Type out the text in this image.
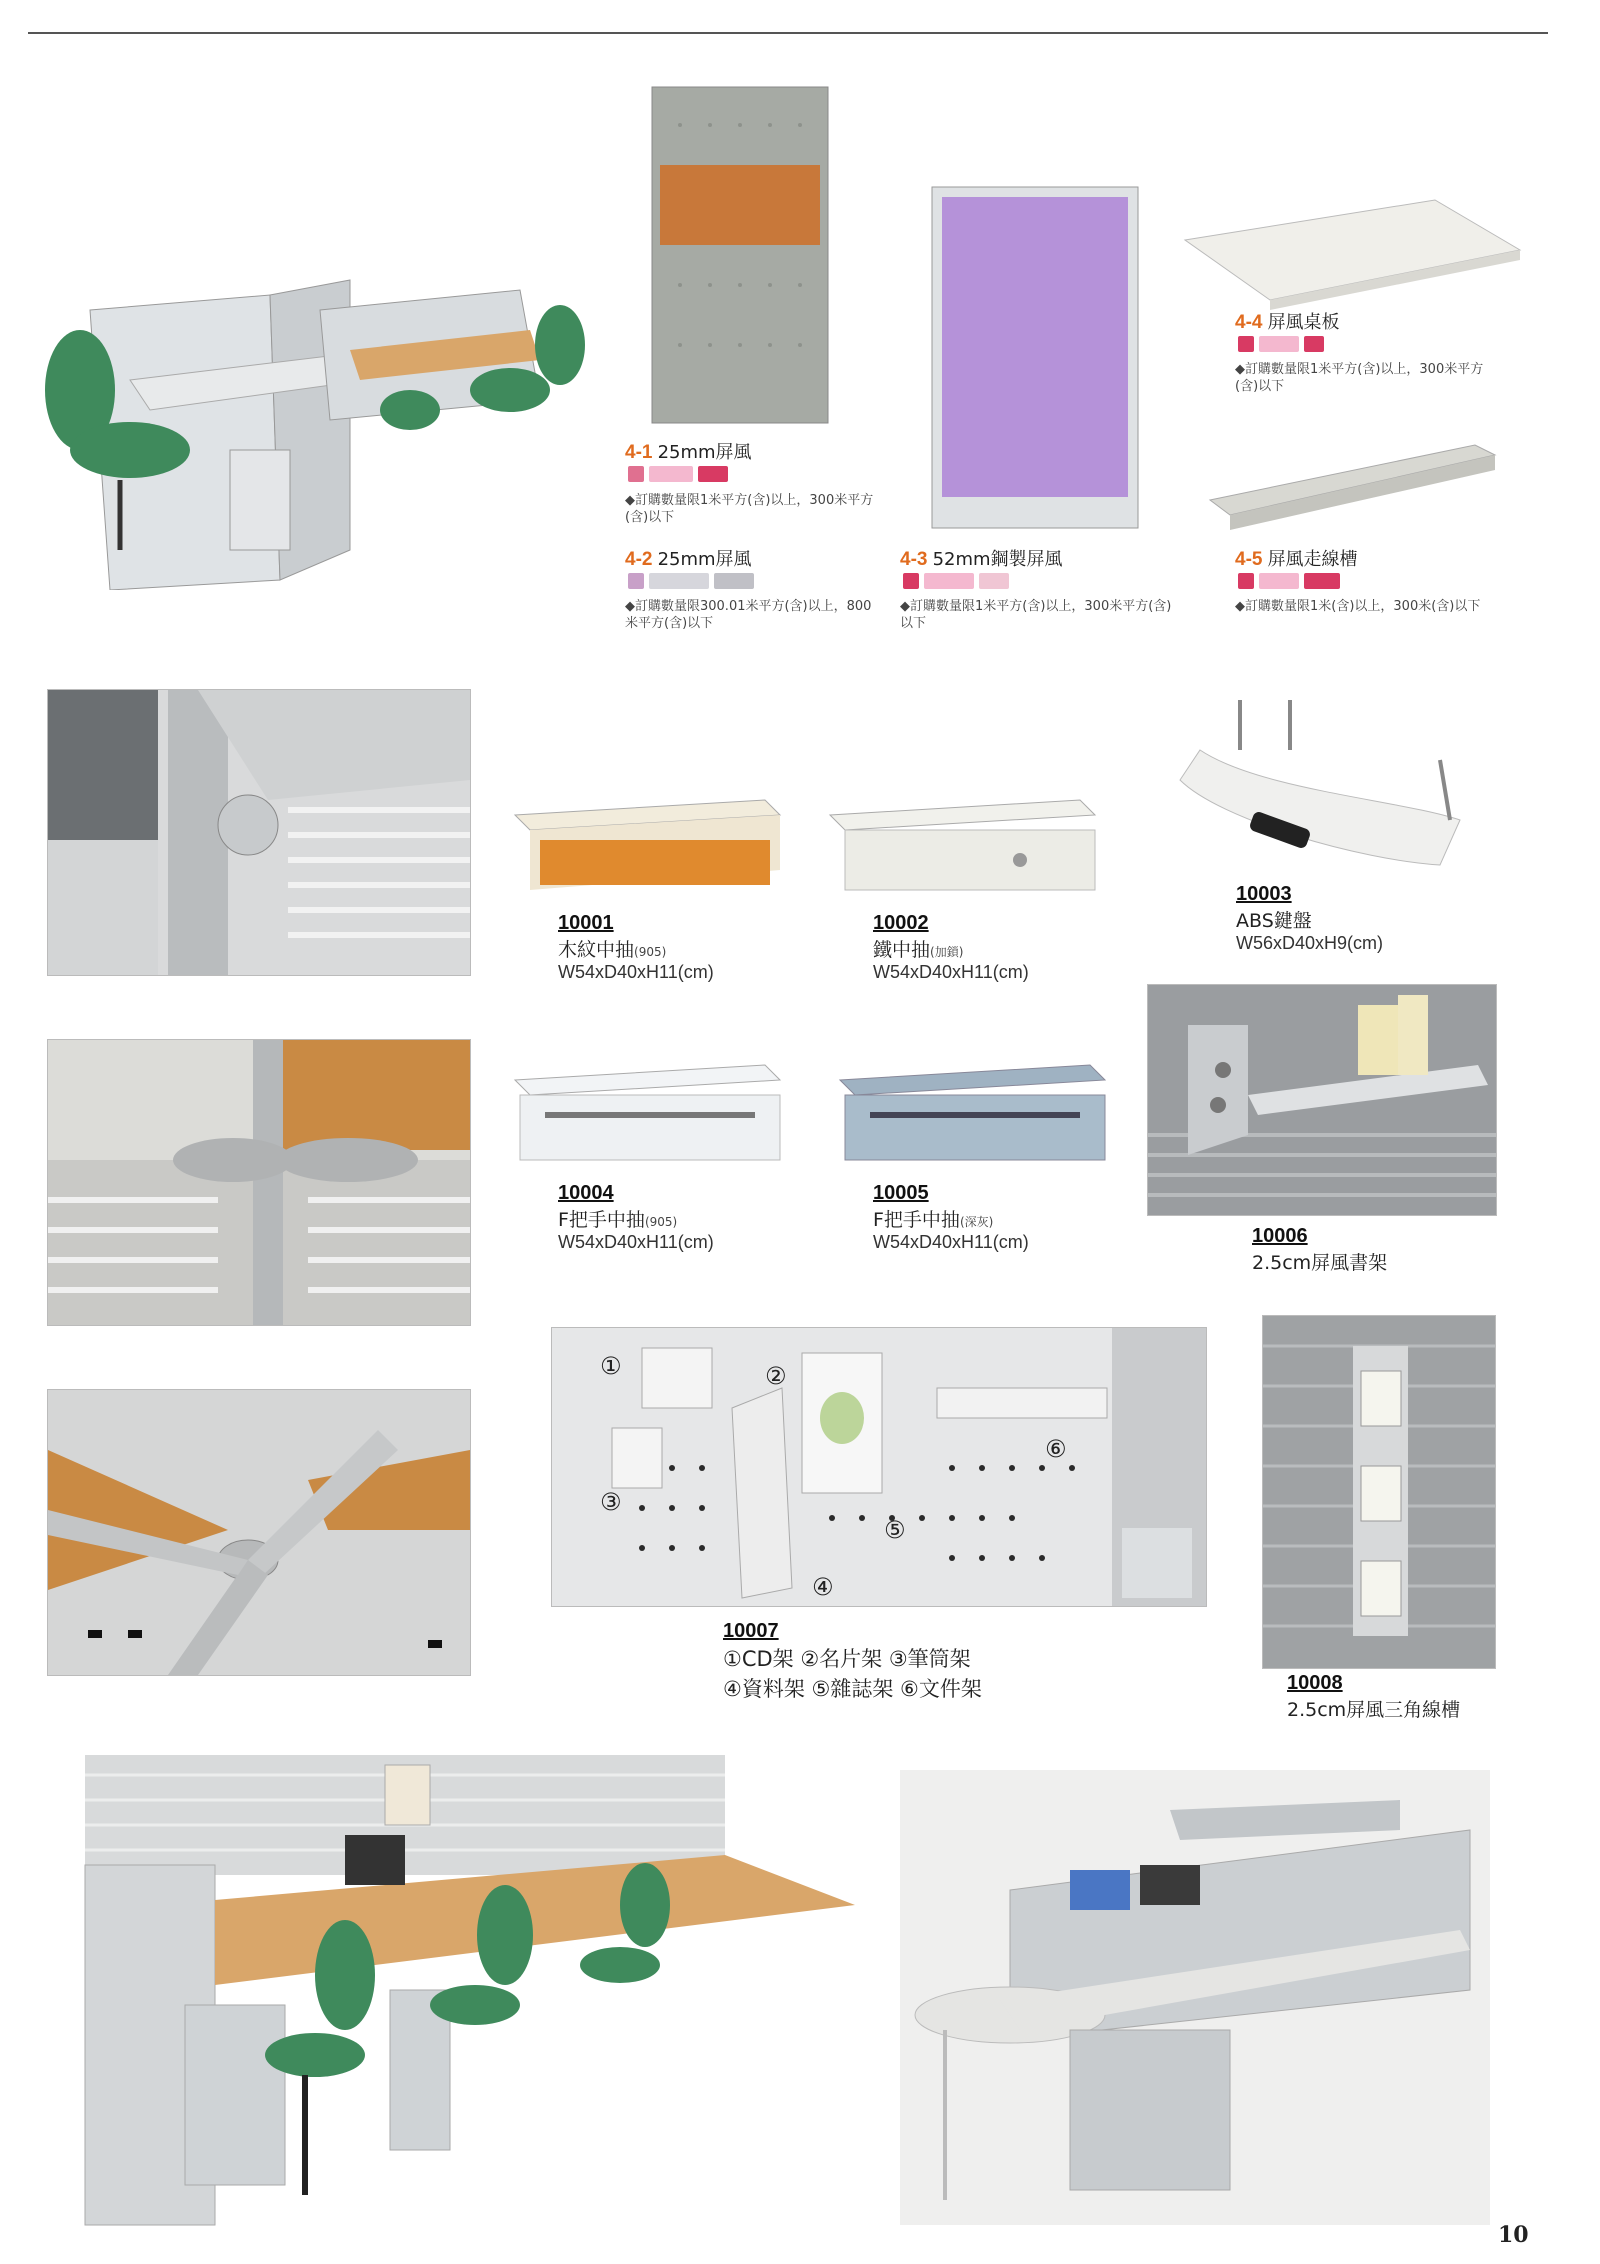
4-1 25mm屏風

◆訂購數量限1米平方(含)以上，300米平方(含)以下
4-2 25mm屏風

◆訂購數量限300.01米平方(含)以上，800米平方(含)以下
4-3 52mm鋼製屏風

◆訂購數量限1米平方(含)以上，300米平方(含)以下
4-4 屏風桌板

◆訂購數量限1米平方(含)以上，300米平方(含)以下
4-5 屏風走線槽

◆訂購數量限1米(含)以上，300米(含)以下
10001
木紋中抽(905)
W54xD40xH11(cm)
10002
鐵中抽(加鎖)
W54xD40xH11(cm)
10003
ABS鍵盤
W56xD40xH9(cm)
10004
F把手中抽(905)
W54xD40xH11(cm)
10005
F把手中抽(深灰)
W54xD40xH11(cm)	10006
2.5cm屏風書架
①	②
③
④
⑤
⑥
10007
①CD架 ②名片架 ③筆筒架
④資料架 ⑤雜誌架 ⑥文件架	10008
2.5cm屏風三角線槽
10
